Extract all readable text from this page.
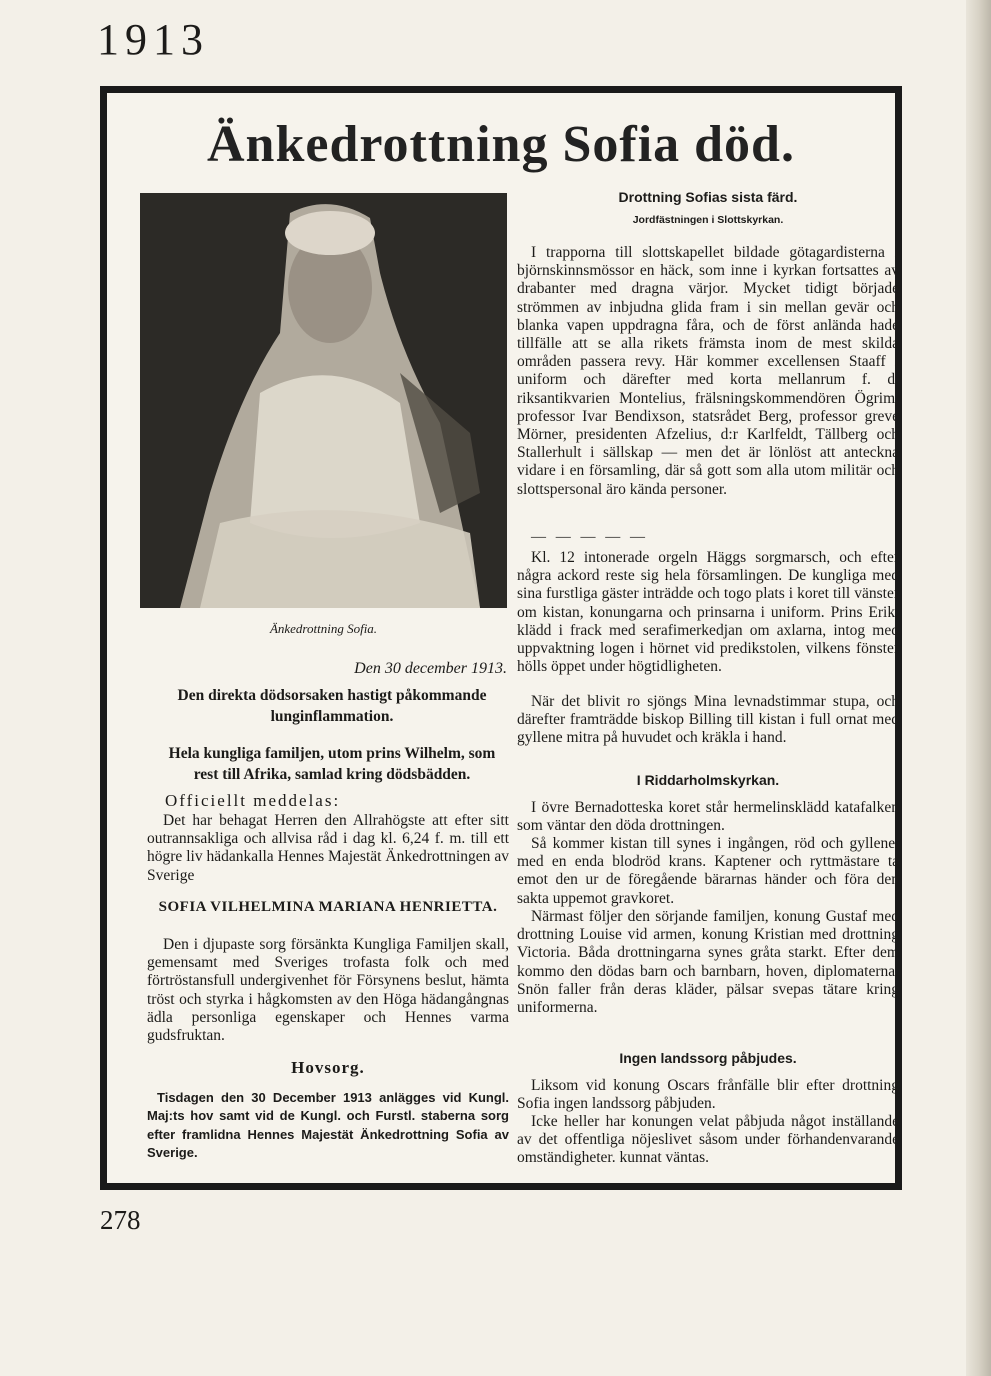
1913
Änkedrottning Sofia död.
Änkedrottning Sofia.
Den 30 december 1913.
Den direkta dödsorsaken hastigt påkommande lunginflammation.
Hela kungliga familjen, utom prins Wilhelm, som rest till Afrika, samlad kring dödsbädden.
Officiellt meddelas:
Det har behagat Herren den Allrahögste att efter sitt outrannsakliga och allvisa råd i dag kl. 6,24 f. m. till ett högre liv hädankalla Hennes Majestät Änkedrottningen av Sverige
SOFIA VILHELMINA MARIANA HENRIETTA.
Den i djupaste sorg försänkta Kungliga Familjen skall, gemensamt med Sveriges trofasta folk och med förtröstansfull undergivenhet för Försynens beslut, hämta tröst och styrka i hågkomsten av den Höga hädangångnas ädla personliga egenskaper och Hennes varma gudsfruktan.
Hovsorg.
Tisdagen den 30 December 1913 anlägges vid Kungl. Maj:ts hov samt vid de Kungl. och Furstl. staberna sorg efter framlidna Hennes Majestät Änkedrottning Sofia av Sverige.
Drottning Sofias sista färd.
Jordfästningen i Slottskyrkan.
I trapporna till slottskapellet bildade götagardisterna i björnskinnsmössor en häck, som inne i kyrkan fortsattes av drabanter med dragna värjor. Mycket tidigt började strömmen av inbjudna glida fram i sin mellan gevär och blanka vapen uppdragna fåra, och de först anlända hade tillfälle att se alla rikets främsta inom de mest skilda områden passera revy. Här kommer excellensen Staaff i uniform och därefter med korta mellanrum f. d. riksantikvarien Montelius, frälsningskommendören Ögrim, professor Ivar Bendixson, statsrådet Berg, professor greve Mörner, presidenten Afzelius, d:r Karlfeldt, Tällberg och Stallerhult i sällskap — men det är lönlöst att anteckna vidare i en församling, där så gott som alla utom militär och slottspersonal äro kända personer.
— — — — —
Kl. 12 intonerade orgeln Häggs sorgmarsch, och efter några ackord reste sig hela församlingen. De kungliga med sina furstliga gäster inträdde och togo plats i koret till vänster om kistan, konungarna och prinsarna i uniform. Prins Erik, klädd i frack med serafimerkedjan om axlarna, intog med uppvaktning logen i hörnet vid predikstolen, vilkens fönster hölls öppet under högtidligheten.
När det blivit ro sjöngs Mina levnadstimmar stupa, och därefter framträdde biskop Billing till kistan i full ornat med gyllene mitra på huvudet och kräkla i hand.
I Riddarholmskyrkan.
I övre Bernadotteska koret står hermelinsklädd katafalken som väntar den döda drottningen.
Så kommer kistan till synes i ingången, röd och gyllene, med en enda blodröd krans. Kaptener och ryttmästare ta emot den ur de föregående bärarnas händer och föra den sakta uppemot gravkoret.
Närmast följer den sörjande familjen, konung Gustaf med drottning Louise vid armen, konung Kristian med drottning Victoria. Båda drottningarna synes gråta starkt. Efter dem kommo den dödas barn och barnbarn, hoven, diplomaterna. Snön faller från deras kläder, pälsar svepas tätare kring uniformerna.
Ingen landssorg påbjudes.
Liksom vid konung Oscars frånfälle blir efter drottning Sofia ingen landssorg påbjuden.
Icke heller har konungen velat påbjuda något inställande av det offentliga nöjeslivet såsom under förhandenvarande omständigheter. kunnat väntas.
278
